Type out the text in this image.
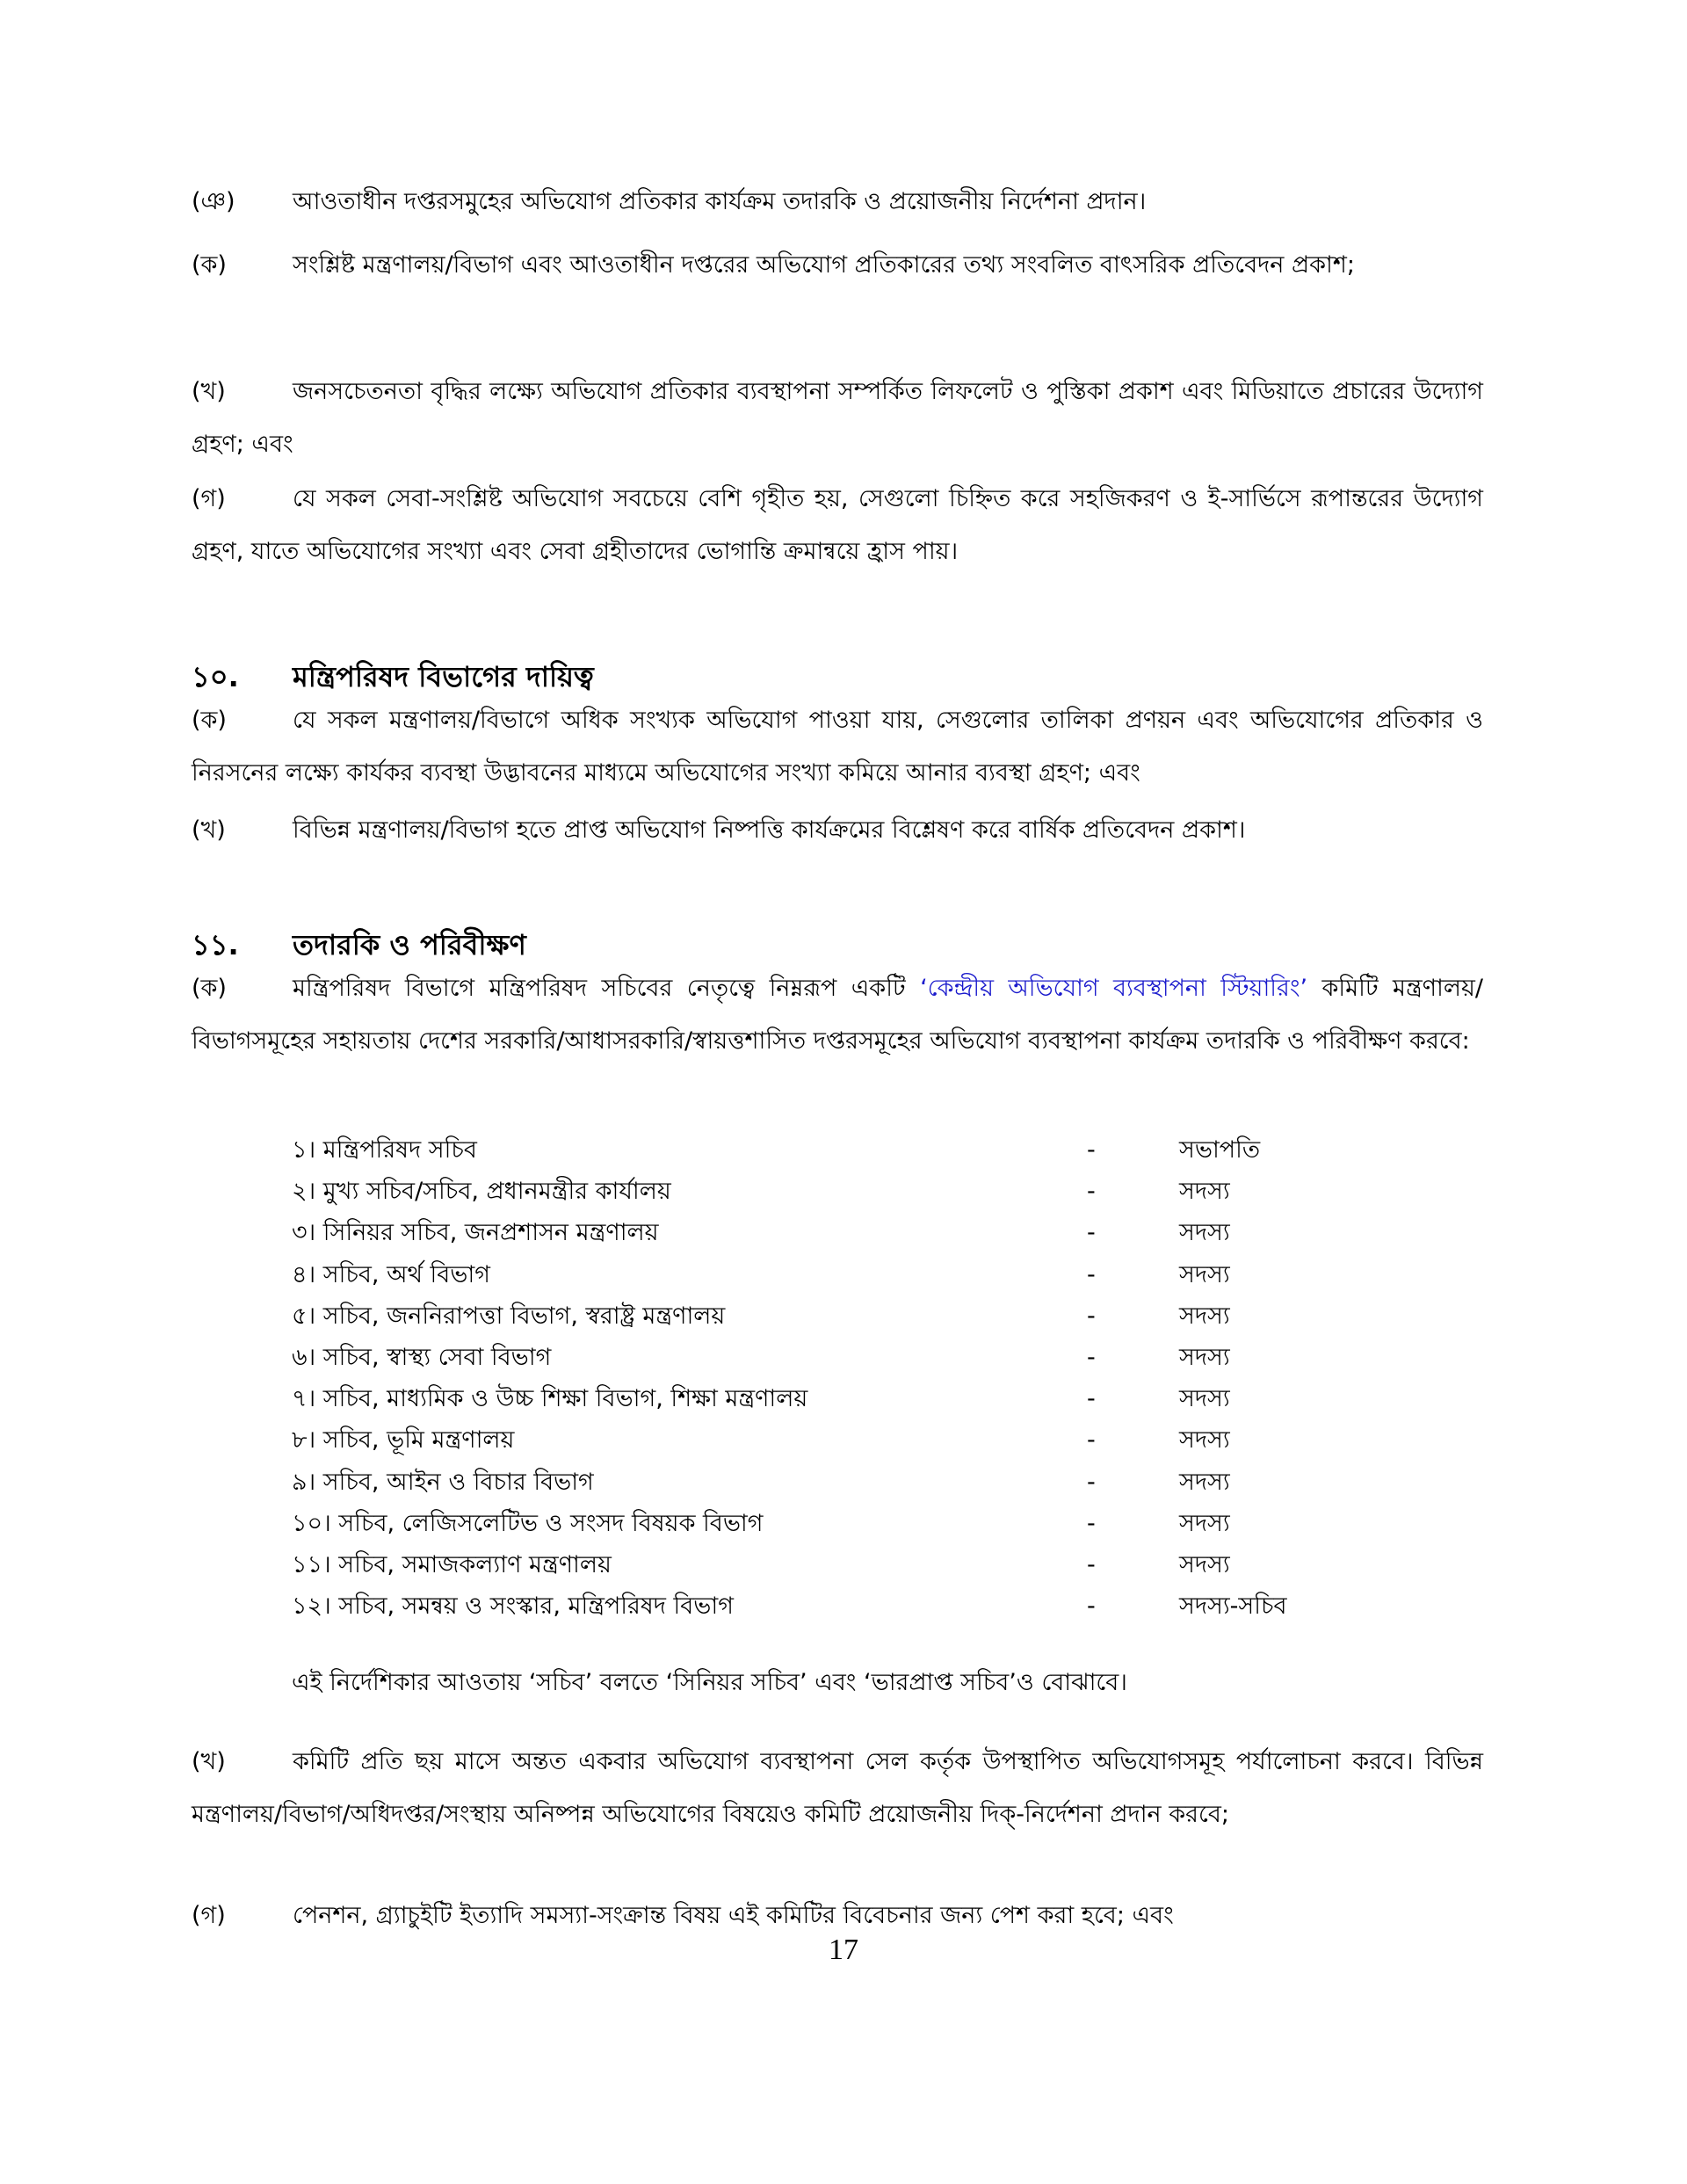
(ঞ) আওতাধীন দপ্তরসমুহের অভিযোগ প্রতিকার কার্যক্রম তদারকি ও প্রয়োজনীয় নির্দেশনা প্রদান।
(ক)	সংশ্লিষ্ট মন্ত্রণালয়/বিভাগ এবং আওতাধীন দপ্তরের অভিযোগ প্রতিকারের তথ্য সংবলিত বাৎসরিক প্রতিবেদন প্রকাশ;
(খ)	জনসচেতনতা বৃদ্ধির লক্ষ্যে অভিযোগ প্রতিকার ব্যবস্থাপনা সম্পর্কিত লিফলেট ও পুস্তিকা প্রকাশ এবং মিডিয়াতে প্রচারের উদ্যোগ গ্রহণ; এবং
(গ)	যে সকল সেবা-সংশ্লিষ্ট অভিযোগ সবচেয়ে বেশি গৃহীত হয়, সেগুলো চিহ্নিত করে সহজিকরণ ও ই-সার্ভিসে রূপান্তরের উদ্যোগ গ্রহণ, যাতে অভিযোগের সংখ্যা এবং সেবা গ্রহীতাদের ভোগান্তি ক্রমান্বয়ে হ্রাস পায়।
১০. মন্ত্রিপরিষদ বিভাগের দায়িত্ব
(ক)	যে সকল মন্ত্রণালয়/বিভাগে অধিক সংখ্যক অভিযোগ পাওয়া যায়, সেগুলোর তালিকা প্রণয়ন এবং অভিযোগের প্রতিকার ও নিরসনের লক্ষ্যে কার্যকর ব্যবস্থা উদ্ভাবনের মাধ্যমে অভিযোগের সংখ্যা কমিয়ে আনার ব্যবস্থা গ্রহণ; এবং
(খ)	বিভিন্ন মন্ত্রণালয়/বিভাগ হতে প্রাপ্ত অভিযোগ নিষ্পত্তি কার্যক্রমের বিশ্লেষণ করে বার্ষিক প্রতিবেদন প্রকাশ।
১১. তদারকি ও পরিবীক্ষণ
(ক)	মন্ত্রিপরিষদ বিভাগে মন্ত্রিপরিষদ সচিবের নেতৃত্বে নিম্নরূপ একটি ‘কেন্দ্রীয় অভিযোগ ব্যবস্থাপনা স্টিয়ারিং’ কমিটি মন্ত্রণালয়/বিভাগসমূহের সহায়তায় দেশের সরকারি/আধাসরকারি/স্বায়ত্তশাসিত দপ্তরসমূহের অভিযোগ ব্যবস্থাপনা কার্যক্রম তদারকি ও পরিবীক্ষণ করবে:
১। মন্ত্রিপরিষদ সচিব	-	সভাপতি
২। মুখ্য সচিব/সচিব, প্রধানমন্ত্রীর কার্যালয়	-	সদস্য
৩। সিনিয়র সচিব, জনপ্রশাসন মন্ত্রণালয়	-	সদস্য
৪। সচিব, অর্থ বিভাগ	-	সদস্য
৫। সচিব, জননিরাপত্তা বিভাগ, স্বরাষ্ট্র মন্ত্রণালয়	-	সদস্য
৬। সচিব, স্বাস্থ্য সেবা বিভাগ	-	সদস্য
৭। সচিব, মাধ্যমিক ও উচ্চ শিক্ষা বিভাগ, শিক্ষা মন্ত্রণালয়	-	সদস্য
৮। সচিব, ভূমি মন্ত্রণালয়	-	সদস্য
৯। সচিব, আইন ও বিচার বিভাগ	-	সদস্য
১০। সচিব, লেজিসলেটিভ ও সংসদ বিষয়ক বিভাগ	-	সদস্য
১১। সচিব, সমাজকল্যাণ মন্ত্রণালয়	-	সদস্য
১২। সচিব, সমন্বয় ও সংস্কার, মন্ত্রিপরিষদ বিভাগ	-	সদস্য-সচিব
এই নির্দেশিকার আওতায় ‘সচিব’ বলতে ‘সিনিয়র সচিব’ এবং ‘ভারপ্রাপ্ত সচিব’ও বোঝাবে।
(খ)	কমিটি প্রতি ছয় মাসে অন্তত একবার অভিযোগ ব্যবস্থাপনা সেল কর্তৃক উপস্থাপিত অভিযোগসমূহ পর্যালোচনা করবে। বিভিন্ন মন্ত্রণালয়/বিভাগ/অধিদপ্তর/সংস্থায় অনিষ্পন্ন অভিযোগের বিষয়েও কমিটি প্রয়োজনীয় দিক্-নির্দেশনা প্রদান করবে;
(গ)	পেনশন, গ্র্যাচুইটি ইত্যাদি সমস্যা-সংক্রান্ত বিষয় এই কমিটির বিবেচনার জন্য পেশ করা হবে; এবং
17
